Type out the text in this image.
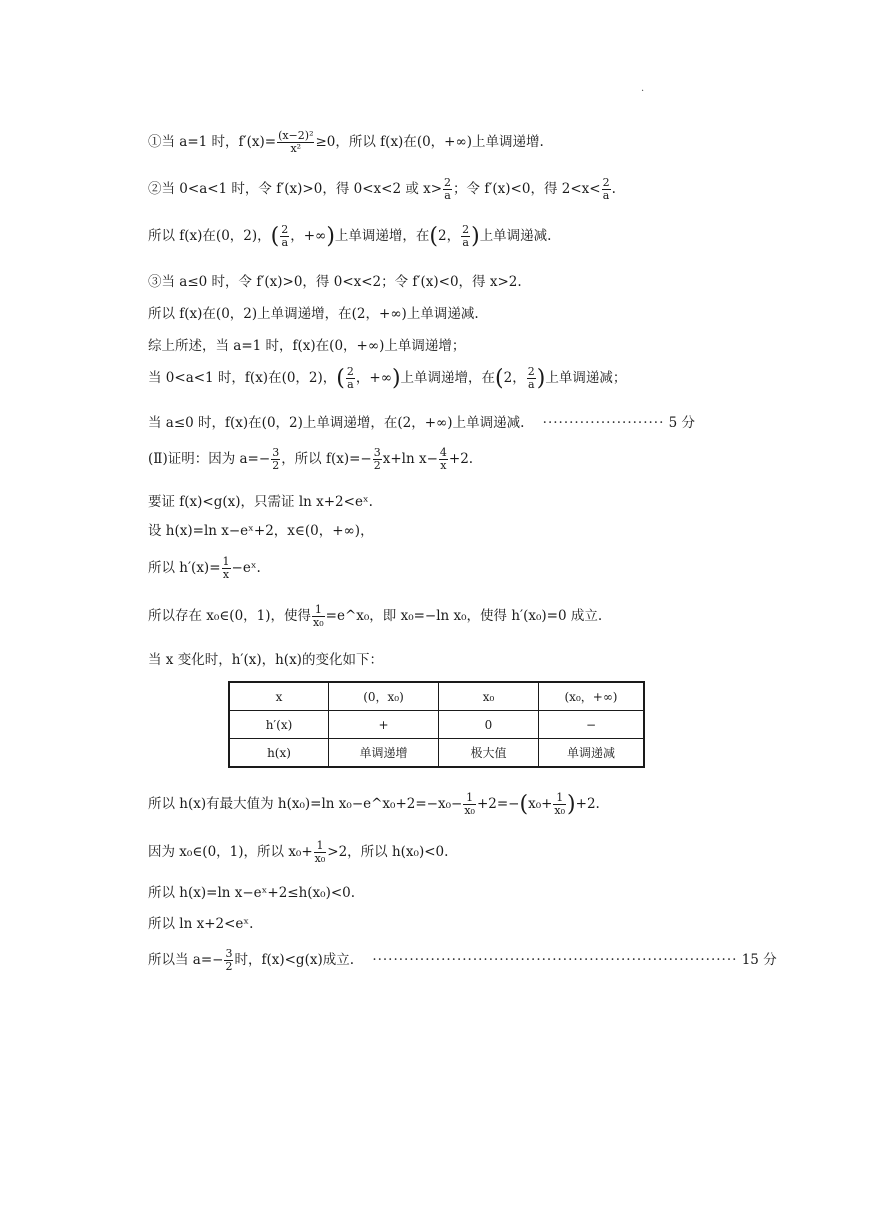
·
①当 a=1 时，$f'(x)= \frac{\text{(x−2)²}}{\text{x²}} \ge 0$，所以 f(x)在(0，+∞)上单调递增.
②当 0<a<1 时，令 f′(x)>0，得 0<x<2 或 $x> \frac{2}{a}$ ；令 f′(x)<0，得 $2<x< \frac{2}{a}$ .
所以 f(x)在(0，2)，( $\frac{2}{a}$ ，+∞)上单调递增，在(2， $\frac{2}{a}$ )上单调递减.
③当 a≤0 时，令 f′(x)>0，得 0<x<2；令 f′(x)<0，得 x>2.
所以 f(x)在(0，2)上单调递增，在(2，+∞)上单调递减.
综上所述，当 a=1 时，f(x)在(0，+∞)上单调递增；
当 0<a<1 时，f(x)在(0，2)，( $\frac{2}{a}$ ，+∞)上单调递增，在(2， $\frac{2}{a}$ )上单调递减；
当 a≤0 时，f(x)在(0，2)上单调递增，在(2，+∞)上单调递减. ······················· 5 分
(Ⅱ)证明：因为 $a=- \frac{3}{2}$ ，所以 $f(x)=- \frac{3}{2} x+\ln$ $x- \frac{4}{x} +2$.
要证 f(x)<g(x)，只需证 ln x+2<eˣ.
设 h(x)=ln x−eˣ+2，x∈(0，+∞)，
所以 $h'(x)= \frac{1}{x}$ −eˣ.
所以存在 x₀∈(0，1)，使得 $\frac{1}{\text{x₀}}$ =e^x₀，即 x₀=−ln x₀，使得 h′(x₀)=0 成立.
当 x 变化时，h′(x)，h(x)的变化如下：
x	(0，x₀)	x₀	(x₀，+∞)
h′(x)	+	0	−
h(x)	单调递增	极大值	单调递减
所以 h(x)有最大值为 h(x₀)=ln x₀−e^x₀+2=−x₀− $\frac{1}{\text{x₀}} +2=-(x_0+ \frac{1}{\text{x₀}} )+2$.
因为 x₀∈(0，1)，所以 $x_0+ \frac{1}{\text{x₀}} >2$，所以 h(x₀)<0.
所以 h(x)=ln x−eˣ+2≤h(x₀)<0.
所以 ln x+2<eˣ.
所以当 $a=- \frac{3}{2}$ 时，f(x)<g(x)成立. ····································································· 15 分
